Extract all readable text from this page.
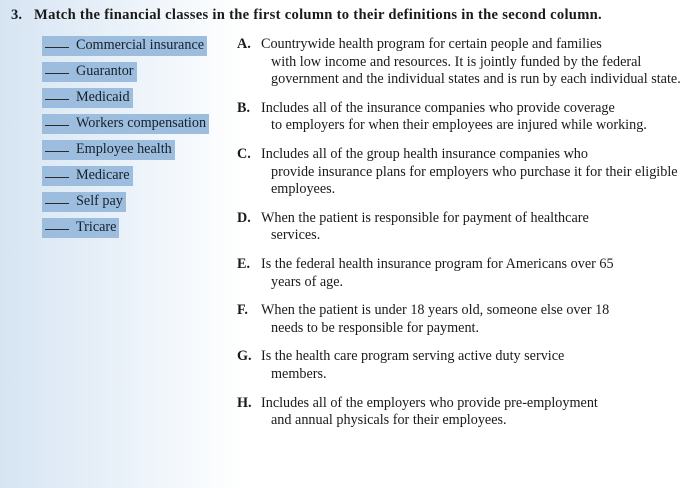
3. Match the financial classes in the first column to their definitions in the second column.
Commercial insurance
Guarantor
Medicaid
Workers compensation
Employee health
Medicare
Self pay
Tricare
A. Countrywide health program for certain people and families
with low income and resources. It is jointly funded by the federal government and the individual states and is run by each individual state.
B. Includes all of the insurance companies who provide coverage
to employers for when their employees are injured while working.
C. Includes all of the group health insurance companies who
provide insurance plans for employers who purchase it for their eligible employees.
D. When the patient is responsible for payment of healthcare
services.
E. Is the federal health insurance program for Americans over 65
years of age.
F. When the patient is under 18 years old, someone else over 18
needs to be responsible for payment.
G. Is the health care program serving active duty service
members.
H. Includes all of the employers who provide pre-employment
and annual physicals for their employees.
